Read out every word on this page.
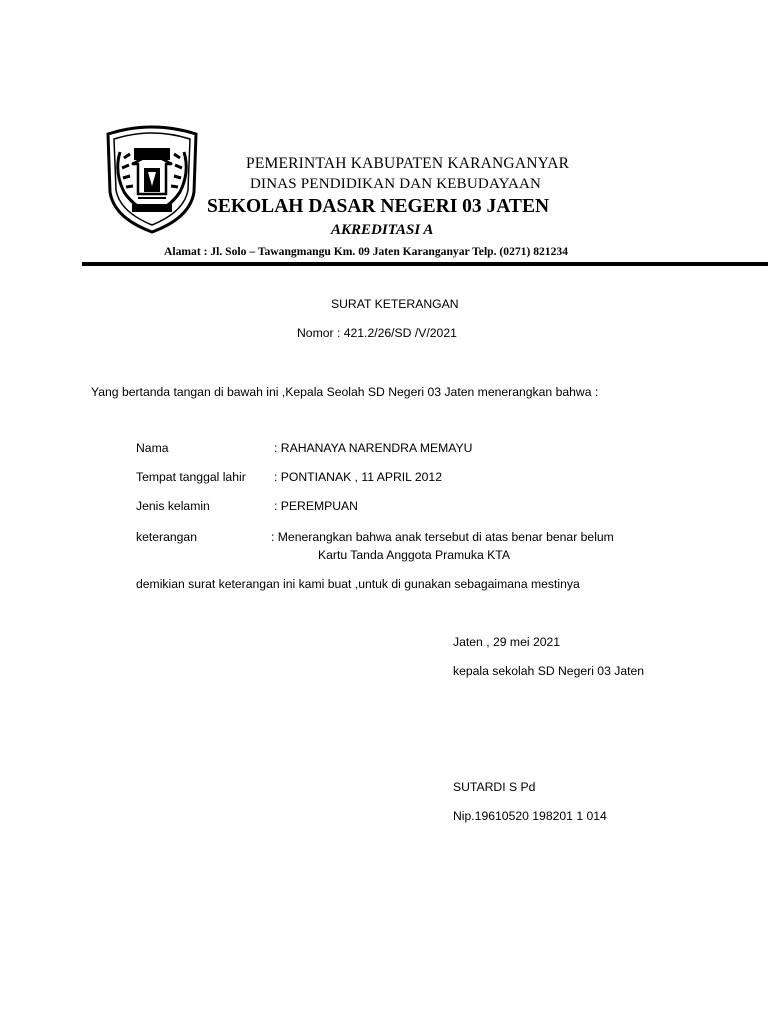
PEMERINTAH KABUPATEN KARANGANYAR
DINAS PENDIDIKAN DAN KEBUDAYAAN
SEKOLAH DASAR NEGERI 03 JATEN
AKREDITASI A
Alamat : Jl. Solo – Tawangmangu Km. 09 Jaten Karanganyar Telp. (0271) 821234
SURAT KETERANGAN
Nomor : 421.2/26/SD /V/2021
Yang bertanda tangan di bawah ini ,Kepala Seolah SD Negeri 03 Jaten menerangkan bahwa :
Nama	: RAHANAYA NARENDRA MEMAYU
Tempat tanggal lahir : PONTIANAK , 11 APRIL 2012
Jenis kelamin	: PEREMPUAN
keterangan	: Menerangkan bahwa anak tersebut di atas benar benar belum
Kartu Tanda Anggota Pramuka KTA
demikian surat keterangan ini kami buat ,untuk di gunakan sebagaimana mestinya
Jaten , 29 mei 2021
kepala sekolah SD Negeri 03 Jaten
SUTARDI S Pd
Nip.19610520 198201 1 014
